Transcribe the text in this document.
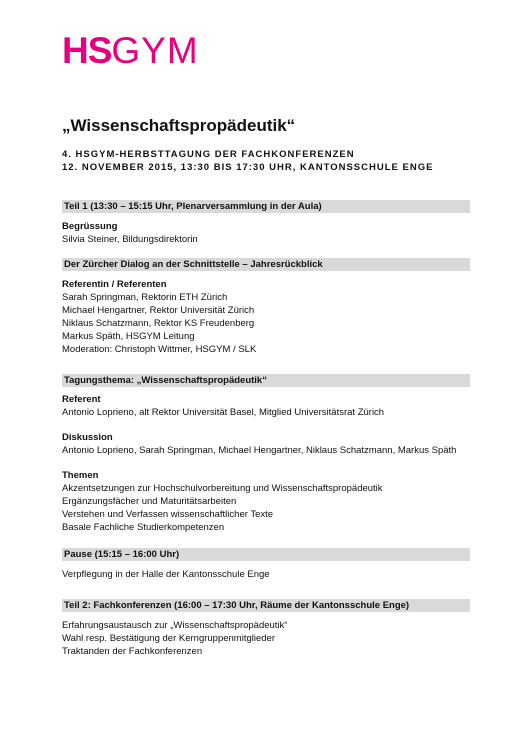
HSGYM
„Wissenschaftspropädeutik“
4. HSGYM-HERBSTTAGUNG DER FACHKONFERENZEN
12. NOVEMBER 2015, 13:30 BIS 17:30 UHR, KANTONSSCHULE ENGE
Teil 1 (13:30 – 15:15 Uhr, Plenarversammlung in der Aula)
Begrüssung
Silvia Steiner, Bildungsdirektorin
Der Zürcher Dialog an der Schnittstelle – Jahresrückblick
Referentin / Referenten
Sarah Springman, Rektorin ETH Zürich
Michael Hengartner, Rektor Universität Zürich
Niklaus Schatzmann, Rektor KS Freudenberg
Markus Späth, HSGYM Leitung
Moderation: Christoph Wittmer, HSGYM / SLK
Tagungsthema: „Wissenschaftspropädeutik“
Referent
Antonio Loprieno, alt Rektor Universität Basel, Mitglied Universitätsrat Zürich
Diskussion
Antonio Loprieno, Sarah Springman, Michael Hengartner, Niklaus Schatzmann, Markus Späth
Themen
Akzentsetzungen zur Hochschulvorbereitung und Wissenschaftspropädeutik
Ergänzungsfächer und Maturitätsarbeiten
Verstehen und Verfassen wissenschaftlicher Texte
Basale Fachliche Studierkompetenzen
Pause (15:15 – 16:00 Uhr)
Verpflegung in der Halle der Kantonsschule Enge
Teil 2: Fachkonferenzen (16:00 – 17:30 Uhr, Räume der Kantonsschule Enge)
Erfahrungsaustausch zur „Wissenschaftspropädeutik“
Wahl resp. Bestätigung der Kerngruppenmitglieder
Traktanden der Fachkonferenzen
